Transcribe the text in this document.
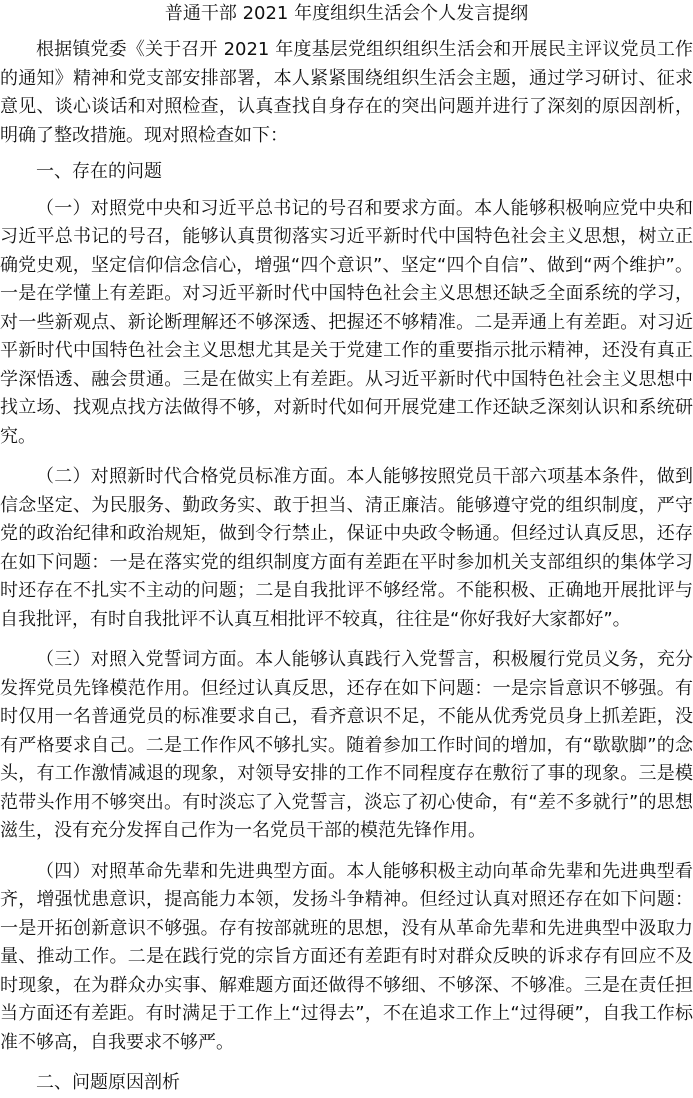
普通干部 2021 年度组织生活会个人发言提纲

根据镇党委《关于召开 2021 年度基层党组织组织生活会和开展民主评议党员工作的通知》精神和党支部安排部署，本人紧紧围绕组织生活会主题，通过学习研讨、征求意见、谈心谈话和对照检查，认真查找自身存在的突出问题并进行了深刻的原因剖析，明确了整改措施。现对照检查如下：

一、存在的问题

（一）对照党中央和习近平总书记的号召和要求方面。本人能够积极响应党中央和习近平总书记的号召，能够认真贯彻落实习近平新时代中国特色社会主义思想，树立正确党史观，坚定信仰信念信心，增强“四个意识”、坚定“四个自信”、做到“两个维护”。一是在学懂上有差距。对习近平新时代中国特色社会主义思想还缺乏全面系统的学习，对一些新观点、新论断理解还不够深透、把握还不够精准。二是弄通上有差距。对习近平新时代中国特色社会主义思想尤其是关于党建工作的重要指示批示精神，还没有真正学深悟透、融会贯通。三是在做实上有差距。从习近平新时代中国特色社会主义思想中找立场、找观点找方法做得不够，对新时代如何开展党建工作还缺乏深刻认识和系统研究。

（二）对照新时代合格党员标准方面。本人能够按照党员干部六项基本条件，做到信念坚定、为民服务、勤政务实、敢于担当、清正廉洁。能够遵守党的组织制度，严守党的政治纪律和政治规矩，做到令行禁止，保证中央政令畅通。但经过认真反思，还存在如下问题：一是在落实党的组织制度方面有差距在平时参加机关支部组织的集体学习时还存在不扎实不主动的问题；二是自我批评不够经常。不能积极、正确地开展批评与自我批评，有时自我批评不认真互相批评不较真，往往是“你好我好大家都好”。

（三）对照入党誓词方面。本人能够认真践行入党誓言，积极履行党员义务，充分发挥党员先锋模范作用。但经过认真反思，还存在如下问题：一是宗旨意识不够强。有时仅用一名普通党员的标准要求自己，看齐意识不足，不能从优秀党员身上抓差距，没有严格要求自己。二是工作作风不够扎实。随着参加工作时间的增加，有“歇歇脚”的念头，有工作激情减退的现象，对领导安排的工作不同程度存在敷衍了事的现象。三是模范带头作用不够突出。有时淡忘了入党誓言，淡忘了初心使命，有“差不多就行”的思想滋生，没有充分发挥自己作为一名党员干部的模范先锋作用。

（四）对照革命先辈和先进典型方面。本人能够积极主动向革命先辈和先进典型看齐，增强忧患意识，提高能力本领，发扬斗争精神。但经过认真对照还存在如下问题：一是开拓创新意识不够强。存有按部就班的思想，没有从革命先辈和先进典型中汲取力量、推动工作。二是在践行党的宗旨方面还有差距有时对群众反映的诉求存有回应不及时现象，在为群众办实事、解难题方面还做得不够细、不够深、不够准。三是在责任担当方面还有差距。有时满足于工作上“过得去”，不在追求工作上“过得硬”，自我工作标准不够高，自我要求不够严。

二、问题原因剖析
